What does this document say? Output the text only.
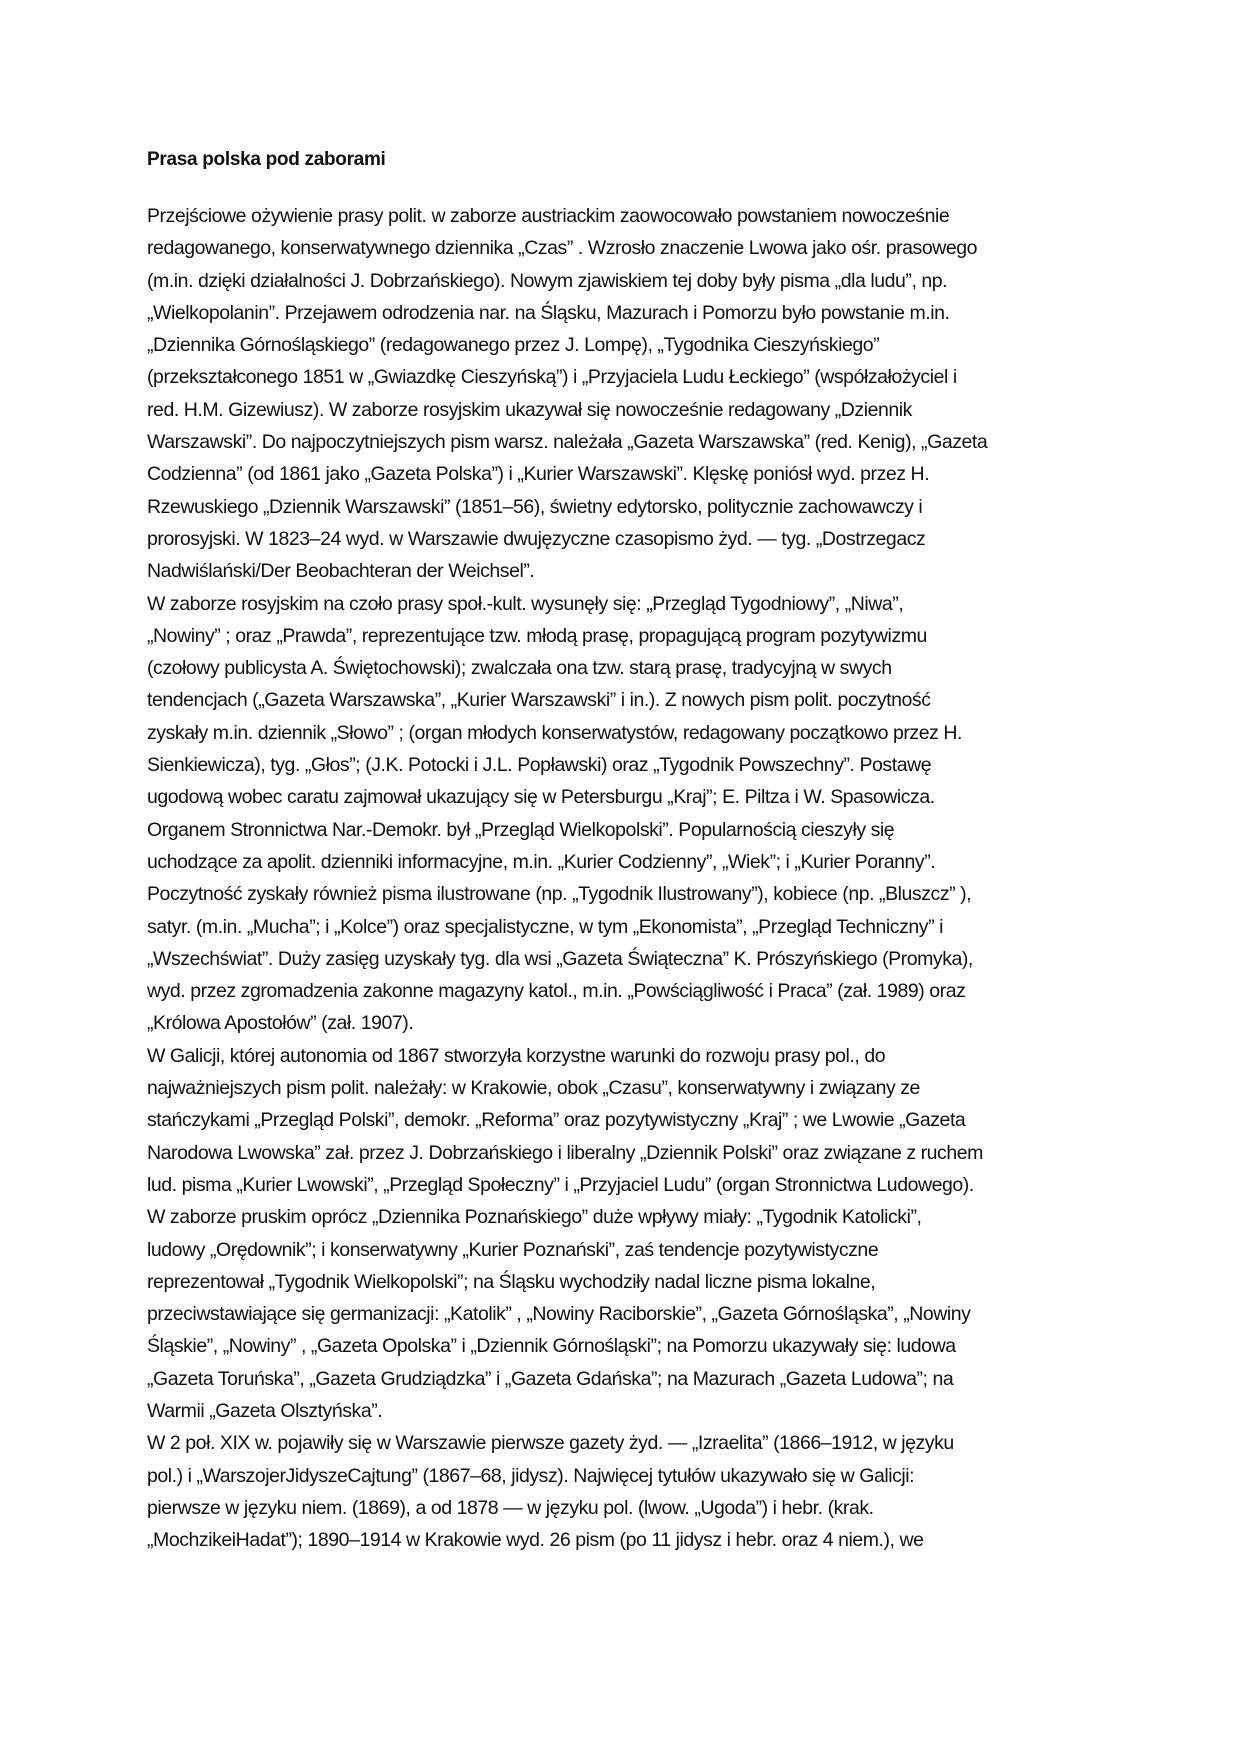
Prasa polska pod zaborami
Przejściowe ożywienie prasy polit. w zaborze austriackim zaowocowało powstaniem nowocześnie
redagowanego, konserwatywnego dziennika „Czas” . Wzrosło znaczenie Lwowa jako ośr. prasowego
(m.in. dzięki działalności J. Dobrzańskiego). Nowym zjawiskiem tej doby były pisma „dla ludu”, np.
„Wielkopolanin”. Przejawem odrodzenia nar. na Śląsku, Mazurach i Pomorzu było powstanie m.in.
„Dziennika Górnośląskiego” (redagowanego przez J. Lompę), „Tygodnika Cieszyńskiego”
(przekształconego 1851 w „Gwiazdkę Cieszyńską”) i „Przyjaciela Ludu Łeckiego” (współzałożyciel i
red. H.M. Gizewiusz). W zaborze rosyjskim ukazywał się nowocześnie redagowany „Dziennik
Warszawski”. Do najpoczytniejszych pism warsz. należała „Gazeta Warszawska” (red. Kenig), „Gazeta
Codzienna” (od 1861 jako „Gazeta Polska”) i „Kurier Warszawski”. Klęskę poniósł wyd. przez H.
Rzewuskiego „Dziennik Warszawski” (1851–56), świetny edytorsko, politycznie zachowawczy i
prorosyjski. W 1823–24 wyd. w Warszawie dwujęzyczne czasopismo żyd. — tyg. „Dostrzegacz
Nadwiślański/Der Beobachteran der Weichsel”.
W zaborze rosyjskim na czoło prasy społ.-kult. wysunęły się: „Przegląd Tygodniowy”, „Niwa”,
„Nowiny” ; oraz „Prawda”, reprezentujące tzw. młodą prasę, propagującą program pozytywizmu
(czołowy publicysta A. Świętochowski); zwalczała ona tzw. starą prasę, tradycyjną w swych
tendencjach („Gazeta Warszawska”, „Kurier Warszawski” i in.). Z nowych pism polit. poczytność
zyskały m.in. dziennik „Słowo” ; (organ młodych konserwatystów, redagowany początkowo przez H.
Sienkiewicza), tyg. „Głos”; (J.K. Potocki i J.L. Popławski) oraz „Tygodnik Powszechny”. Postawę
ugodową wobec caratu zajmował ukazujący się w Petersburgu „Kraj”; E. Piltza i W. Spasowicza.
Organem Stronnictwa Nar.-Demokr. był „Przegląd Wielkopolski”. Popularnością cieszyły się
uchodzące za apolit. dzienniki informacyjne, m.in. „Kurier Codzienny”, „Wiek”; i „Kurier Poranny”.
Poczytność zyskały również pisma ilustrowane (np. „Tygodnik Ilustrowany”), kobiece (np. „Bluszcz” ),
satyr. (m.in. „Mucha”; i „Kolce”) oraz specjalistyczne, w tym „Ekonomista”, „Przegląd Techniczny” i
„Wszechświat”. Duży zasięg uzyskały tyg. dla wsi „Gazeta Świąteczna” K. Prószyńskiego (Promyka),
wyd. przez zgromadzenia zakonne magazyny katol., m.in. „Powściągliwość i Praca” (zał. 1989) oraz
„Królowa Apostołów” (zał. 1907).
W Galicji, której autonomia od 1867 stworzyła korzystne warunki do rozwoju prasy pol., do
najważniejszych pism polit. należały: w Krakowie, obok „Czasu”, konserwatywny i związany ze
stańczykami „Przegląd Polski”, demokr. „Reforma” oraz pozytywistyczny „Kraj” ; we Lwowie „Gazeta
Narodowa Lwowska” zał. przez J. Dobrzańskiego i liberalny „Dziennik Polski” oraz związane z ruchem
lud. pisma „Kurier Lwowski”, „Przegląd Społeczny” i „Przyjaciel Ludu” (organ Stronnictwa Ludowego).
W zaborze pruskim oprócz „Dziennika Poznańskiego” duże wpływy miały: „Tygodnik Katolicki”,
ludowy „Orędownik”; i konserwatywny „Kurier Poznański”, zaś tendencje pozytywistyczne
reprezentował „Tygodnik Wielkopolski”; na Śląsku wychodziły nadal liczne pisma lokalne,
przeciwstawiające się germanizacji: „Katolik” , „Nowiny Raciborskie”, „Gazeta Górnośląska”, „Nowiny
Śląskie”, „Nowiny” , „Gazeta Opolska” i „Dziennik Górnośląski”; na Pomorzu ukazywały się: ludowa
„Gazeta Toruńska”, „Gazeta Grudziądzka” i „Gazeta Gdańska”; na Mazurach „Gazeta Ludowa”; na
Warmii „Gazeta Olsztyńska”.
W 2 poł. XIX w. pojawiły się w Warszawie pierwsze gazety żyd. — „Izraelita” (1866–1912, w języku
pol.) i „WarszojerJidyszeCajtung” (1867–68, jidysz). Najwięcej tytułów ukazywało się w Galicji:
pierwsze w języku niem. (1869), a od 1878 — w języku pol. (lwow. „Ugoda”) i hebr. (krak.
„MochzikeiHadat”); 1890–1914 w Krakowie wyd. 26 pism (po 11 jidysz i hebr. oraz 4 niem.), we
